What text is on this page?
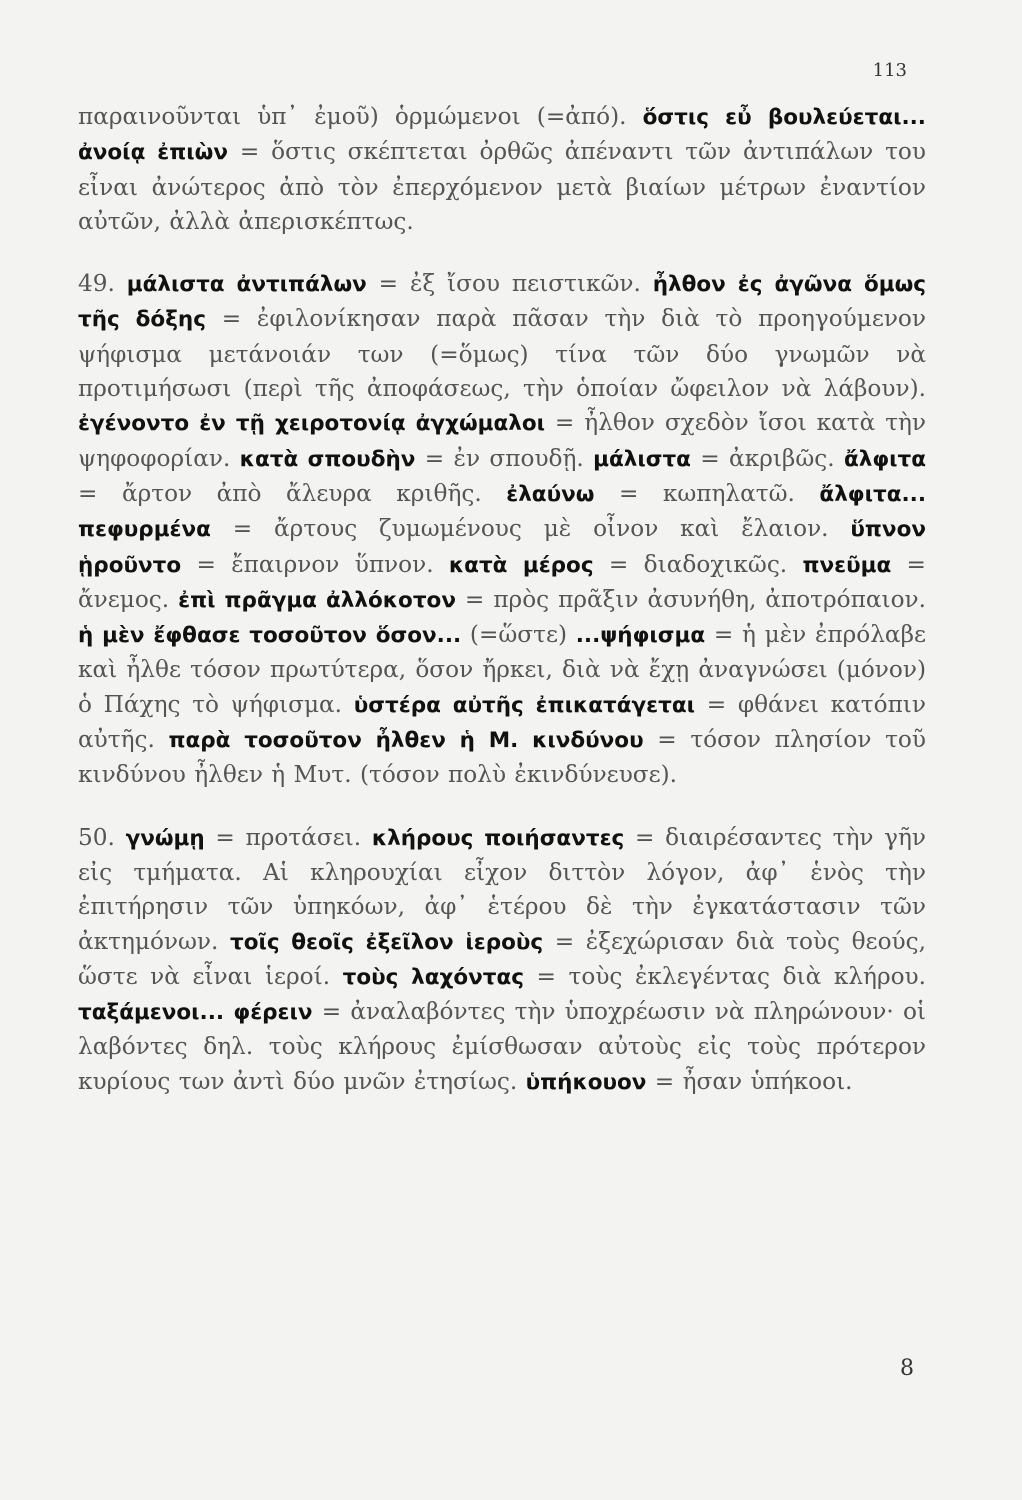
113

παραινοῦνται ὑπ᾽ ἐμοῦ) ὁρμώμενοι (=ἀπό). ὅστις εὖ βουλεύεται... ἀνοίᾳ ἐπιὼν = ὅστις σκέπτεται ὀρθῶς ἀπέναντι τῶν ἀντιπάλων του εἶναι ἀνώτερος ἀπὸ τὸν ἐπερχόμενον μετὰ βιαίων μέτρων ἐναντίον αὐτῶν, ἀλλὰ ἀπερισκέπτως.

49. μάλιστα ἀντιπάλων = ἐξ ἴσου πειστικῶν. ἦλθον ἐς ἀγῶνα ὅμως τῆς δόξης = ἐφιλονίκησαν παρὰ πᾶσαν τὴν διὰ τὸ προηγούμενον ψήφισμα μετάνοιάν των (=ὅμως) τίνα τῶν δύο γνωμῶν νὰ προτιμήσωσι (περὶ τῆς ἀποφάσεως, τὴν ὁποίαν ὤφειλον νὰ λάβουν). ἐγένοντο ἐν τῇ χειροτονίᾳ ἀγχώμαλοι = ἦλθον σχεδὸν ἴσοι κατὰ τὴν ψηφοφορίαν. κατὰ σπουδὴν = ἐν σπουδῇ. μάλιστα = ἀκριβῶς. ἄλφιτα = ἄρτον ἀπὸ ἄλευρα κριθῆς. ἐλαύνω = κωπηλατῶ. ἄλφιτα... πεφυρμένα = ἄρτους ζυμωμένους μὲ οἶνον καὶ ἔλαιον. ὕπνον ᾑροῦντο = ἔπαιρνον ὕπνον. κατὰ μέρος = διαδοχικῶς. πνεῦμα = ἄνεμος. ἐπὶ πρᾶγμα ἀλλόκοτον = πρὸς πρᾶξιν ἀσυνήθη, ἀποτρόπαιον. ἡ μὲν ἔφθασε τοσοῦτον ὅσον... (=ὥστε) ...ψήφισμα = ἡ μὲν ἐπρόλαβε καὶ ἦλθε τόσον πρωτύτερα, ὅσον ἤρκει, διὰ νὰ ἔχῃ ἀναγνώσει (μόνον) ὁ Πάχης τὸ ψήφισμα. ὑστέρα αὐτῆς ἐπικατάγεται = φθάνει κατόπιν αὐτῆς. παρὰ τοσοῦτον ἦλθεν ἡ Μ. κινδύνου = τόσον πλησίον τοῦ κινδύνου ἦλθεν ἡ Μυτ. (τόσον πολὺ ἐκινδύνευσε).

50. γνώμῃ = προτάσει. κλήρους ποιήσαντες = διαιρέσαντες τὴν γῆν εἰς τμήματα. Αἱ κληρουχίαι εἶχον διττὸν λόγον, ἀφ᾽ ἑνὸς τὴν ἐπιτήρησιν τῶν ὑπηκόων, ἀφ᾽ ἑτέρου δὲ τὴν ἐγκατάστασιν τῶν ἀκτημόνων. τοῖς θεοῖς ἐξεῖλον ἱεροὺς = ἐξεχώρισαν διὰ τοὺς θεούς, ὥστε νὰ εἶναι ἱεροί. τοὺς λαχόντας = τοὺς ἐκλεγέντας διὰ κλήρου. ταξάμενοι... φέρειν = ἀναλαβόντες τὴν ὑποχρέωσιν νὰ πληρώνουν· οἱ λαβόντες δηλ. τοὺς κλήρους ἐμίσθωσαν αὐτοὺς εἰς τοὺς πρότερον κυρίους των ἀντὶ δύο μνῶν ἐτησίως. ὑπήκουον = ἦσαν ὑπήκοοι.

8
